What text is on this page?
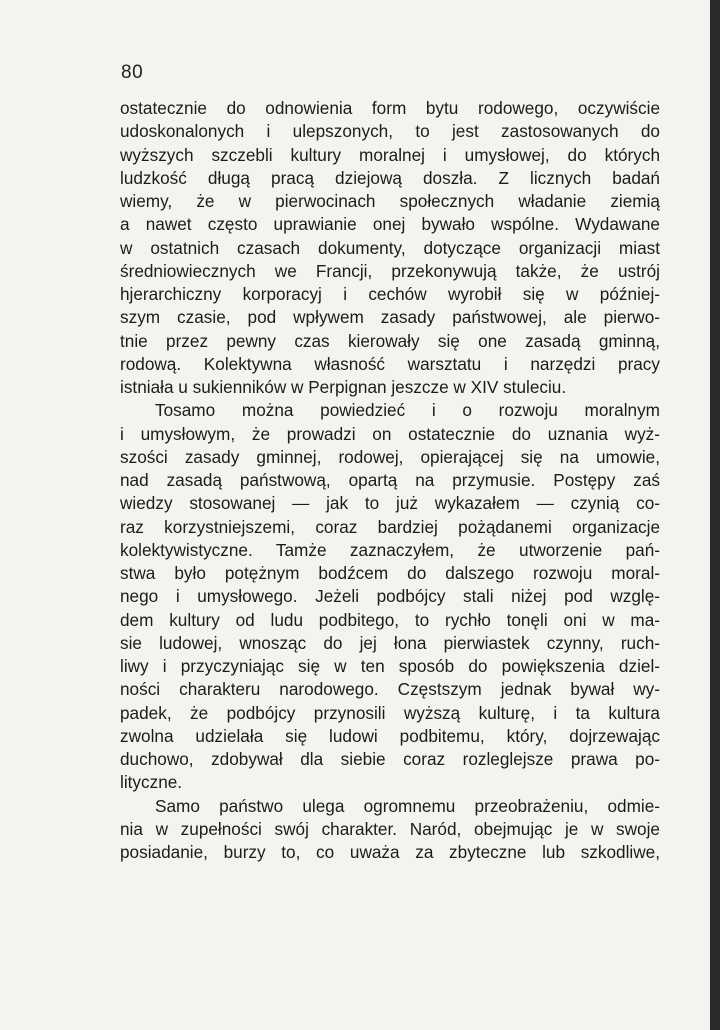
80
ostatecznie do odnowienia form bytu rodowego, oczywiście
udoskonalonych i ulepszonych, to jest zastosowanych do
wyższych szczebli kultury moralnej i umysłowej, do których
ludzkość długą pracą dziejową doszła. Z licznych badań
wiemy, że w pierwocinach społecznych władanie ziemią
a nawet często uprawianie onej bywało wspólne. Wydawane
w ostatnich czasach dokumenty, dotyczące organizacji miast
średniowiecznych we Francji, przekonywują także, że ustrój
hjerarchiczny korporacyj i cechów wyrobił się w później-
szym czasie, pod wpływem zasady państwowej, ale pierwo-
tnie przez pewny czas kierowały się one zasadą gminną,
rodową. Kolektywna własność warsztatu i narzędzi pracy
istniała u sukienników w Perpignan jeszcze w XIV stuleciu.
Tosamo można powiedzieć i o rozwoju moralnym
i umysłowym, że prowadzi on ostatecznie do uznania wyż-
szości zasady gminnej, rodowej, opierającej się na umowie,
nad zasadą państwową, opartą na przymusie. Postępy zaś
wiedzy stosowanej — jak to już wykazałem — czynią co-
raz korzystniejszemi, coraz bardziej pożądanemi organizacje
kolektywistyczne. Tamże zaznaczyłem, że utworzenie pań-
stwa było potężnym bodźcem do dalszego rozwoju moral-
nego i umysłowego. Jeżeli podbójcy stali niżej pod wzglę-
dem kultury od ludu podbitego, to rychło tonęli oni w ma-
sie ludowej, wnosząc do jej łona pierwiastek czynny, ruch-
liwy i przyczyniając się w ten sposób do powiększenia dziel-
ności charakteru narodowego. Częstszym jednak bywał wy-
padek, że podbójcy przynosili wyższą kulturę, i ta kultura
zwolna udzielała się ludowi podbitemu, który, dojrzewając
duchowo, zdobywał dla siebie coraz rozleglejsze prawa po-
lityczne.
Samo państwo ulega ogromnemu przeobrażeniu, odmie-
nia w zupełności swój charakter. Naród, obejmując je w swoje
posiadanie, burzy to, co uważa za zbyteczne lub szkodliwe,
